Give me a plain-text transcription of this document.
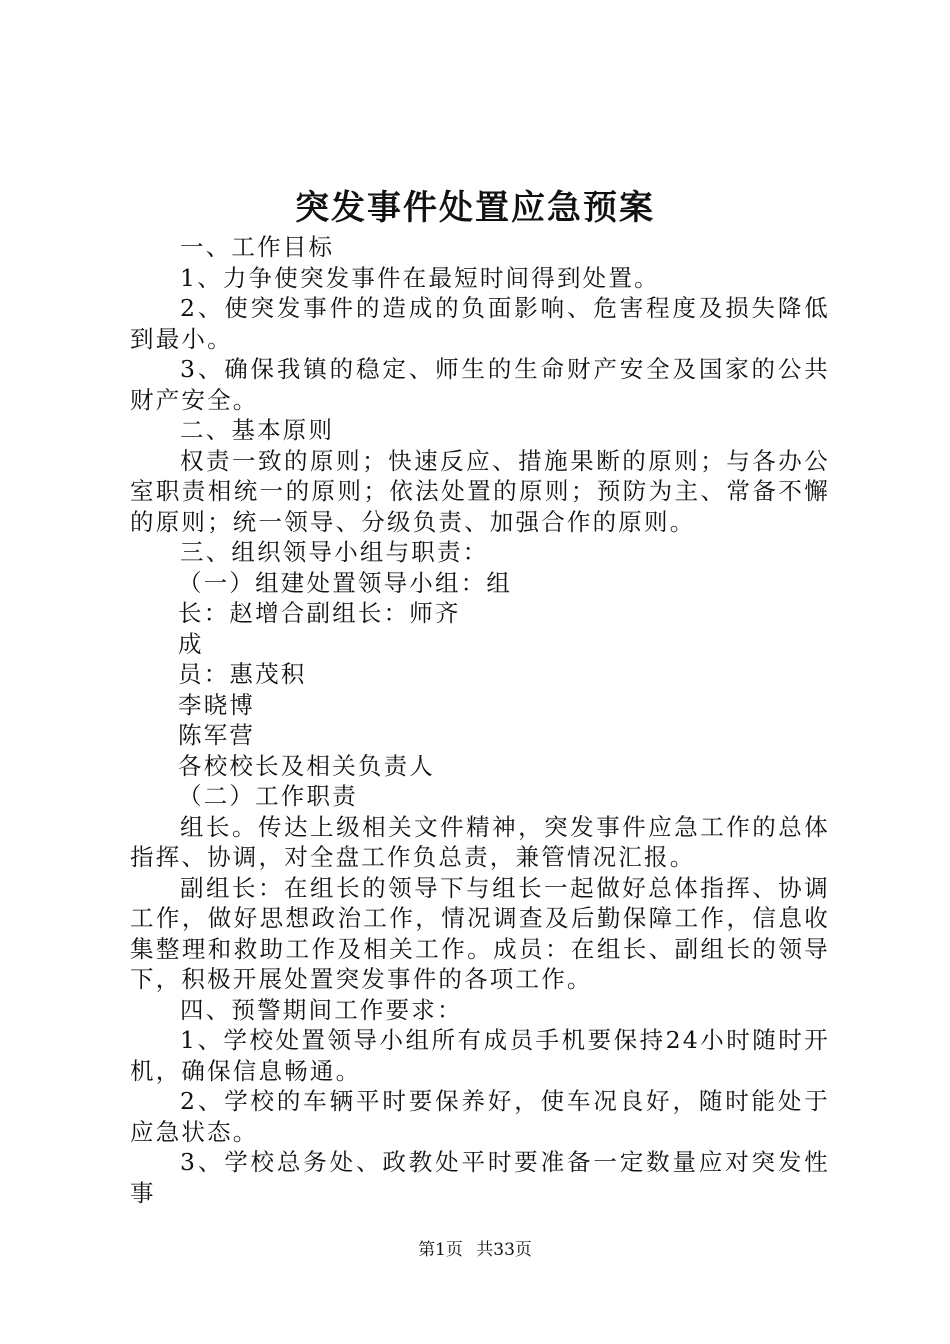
突发事件处置应急预案

一、工作目标

1、力争使突发事件在最短时间得到处置。

2、使突发事件的造成的负面影响、危害程度及损失降低到最小。

3、确保我镇的稳定、师生的生命财产安全及国家的公共财产安全。

二、基本原则

权责一致的原则；快速反应、措施果断的原则；与各办公室职责相统一的原则；依法处置的原则；预防为主、常备不懈的原则；统一领导、分级负责、加强合作的原则。

三、组织领导小组与职责：

（一）组建处置领导小组：组

长：赵增合副组长：师齐

成

员：惠茂积

李晓博

陈军营

各校校长及相关负责人

（二）工作职责

组长。传达上级相关文件精神，突发事件应急工作的总体指挥、协调，对全盘工作负总责，兼管情况汇报。

副组长：在组长的领导下与组长一起做好总体指挥、协调工作，做好思想政治工作，情况调查及后勤保障工作，信息收集整理和救助工作及相关工作。成员：在组长、副组长的领导下，积极开展处置突发事件的各项工作。

四、预警期间工作要求：

1、学校处置领导小组所有成员手机要保持24小时随时开机，确保信息畅通。

2、学校的车辆平时要保养好，使车况良好，随时能处于应急状态。

3、学校总务处、政教处平时要准备一定数量应对突发性事

第1页 共33页
